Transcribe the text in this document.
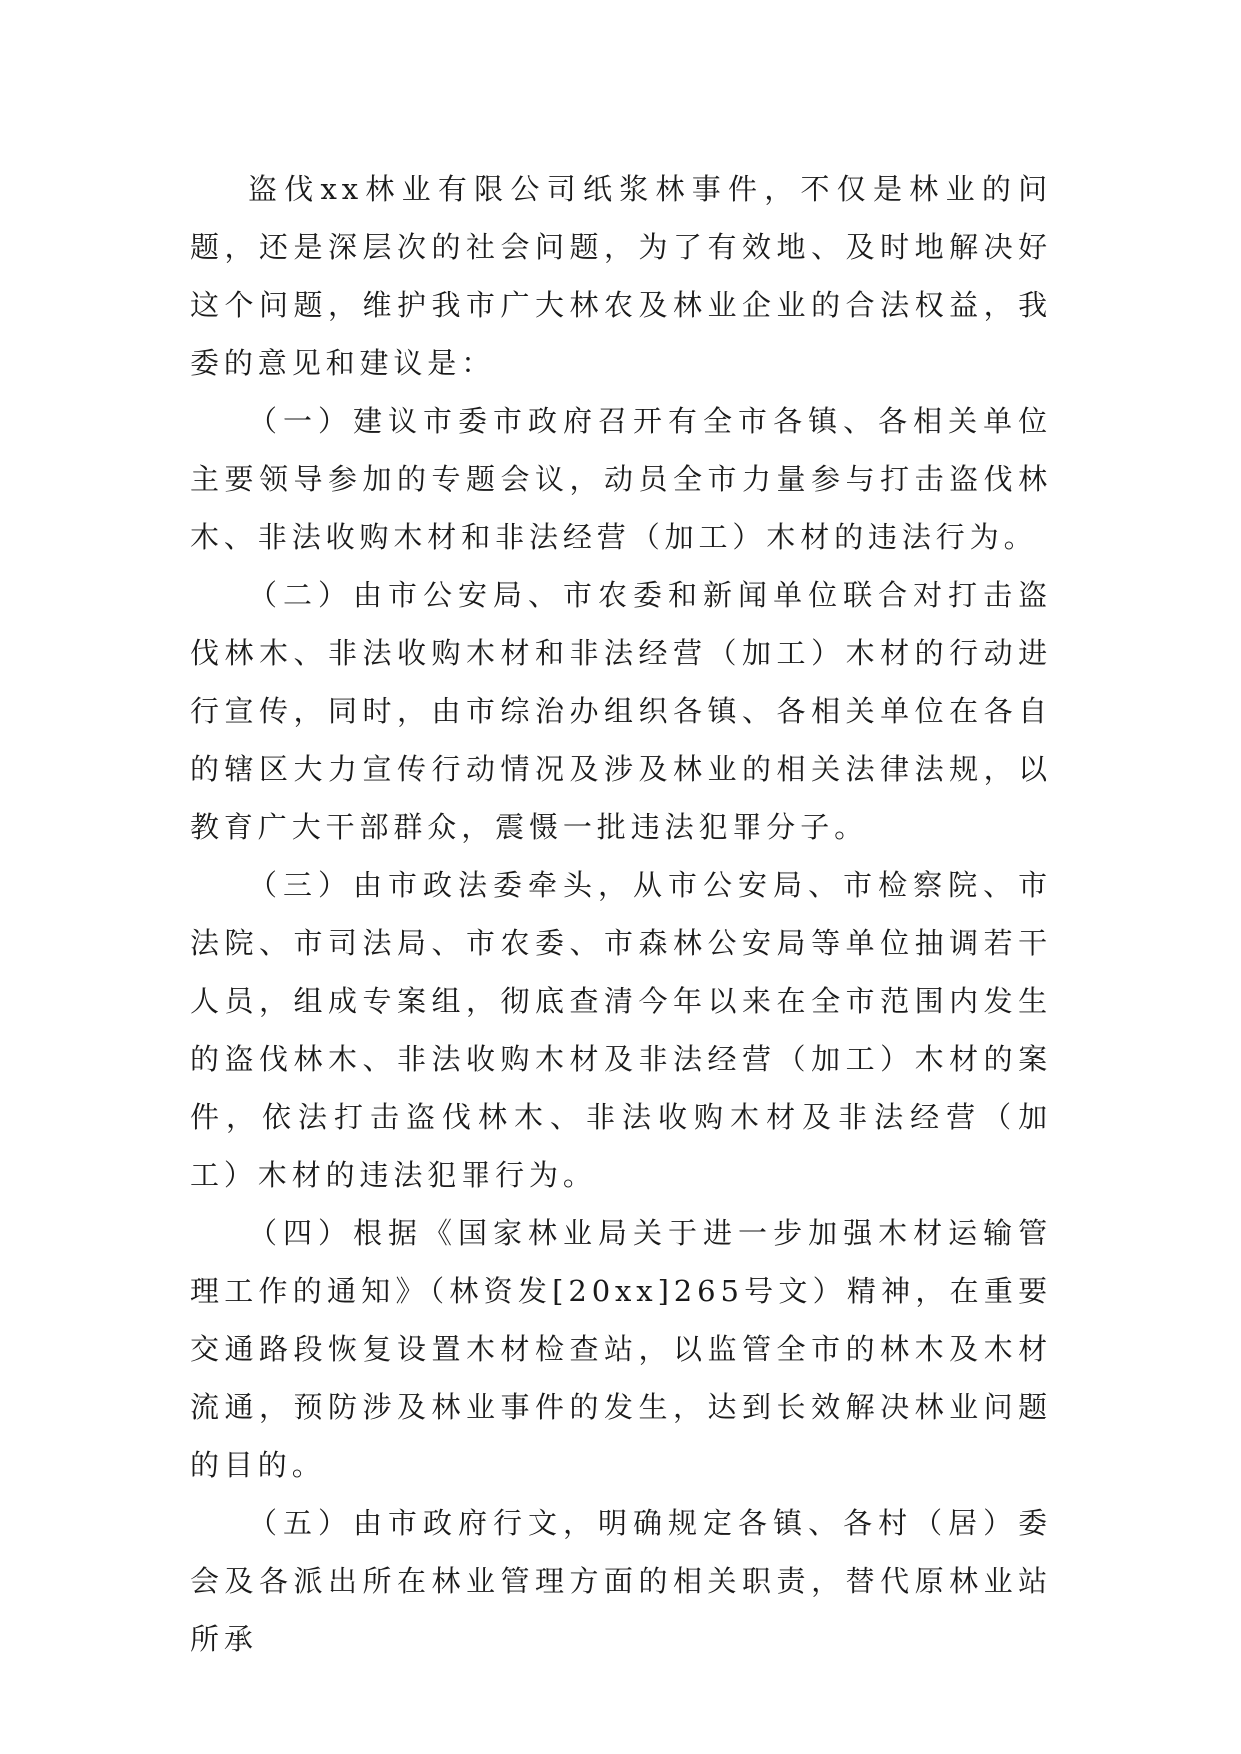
盗伐xx林业有限公司纸浆林事件，不仅是林业的问题，还是深层次的社会问题，为了有效地、及时地解决好这个问题，维护我市广大林农及林业企业的合法权益，我委的意见和建议是：

（一）建议市委市政府召开有全市各镇、各相关单位主要领导参加的专题会议，动员全市力量参与打击盗伐林木、非法收购木材和非法经营（加工）木材的违法行为。

（二）由市公安局、市农委和新闻单位联合对打击盗伐林木、非法收购木材和非法经营（加工）木材的行动进行宣传，同时，由市综治办组织各镇、各相关单位在各自的辖区大力宣传行动情况及涉及林业的相关法律法规，以教育广大干部群众，震慑一批违法犯罪分子。

（三）由市政法委牵头，从市公安局、市检察院、市法院、市司法局、市农委、市森林公安局等单位抽调若干人员，组成专案组，彻底查清今年以来在全市范围内发生的盗伐林木、非法收购木材及非法经营（加工）木材的案件，依法打击盗伐林木、非法收购木材及非法经营（加工）木材的违法犯罪行为。

（四）根据《国家林业局关于进一步加强木材运输管理工作的通知》（林资发[20xx]265号文）精神，在重要交通路段恢复设置木材检查站，以监管全市的林木及木材流通，预防涉及林业事件的发生，达到长效解决林业问题的目的。

（五）由市政府行文，明确规定各镇、各村（居）委会及各派出所在林业管理方面的相关职责，替代原林业站所承
